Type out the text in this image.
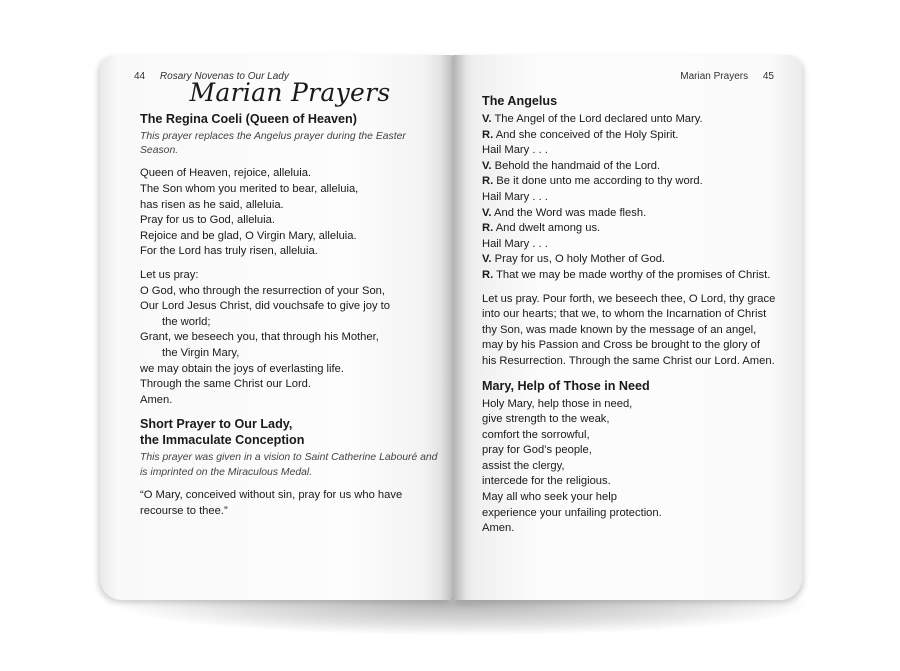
44 Rosary Novenas to Our Lady
Marian Prayers
The Regina Coeli (Queen of Heaven)
This prayer replaces the Angelus prayer during the Easter Season.
Queen of Heaven, rejoice, alleluia.
The Son whom you merited to bear, alleluia,
has risen as he said, alleluia.
Pray for us to God, alleluia.
Rejoice and be glad, O Virgin Mary, alleluia.
For the Lord has truly risen, alleluia.
Let us pray:
O God, who through the resurrection of your Son,
Our Lord Jesus Christ, did vouchsafe to give joy to
the world;
Grant, we beseech you, that through his Mother,
the Virgin Mary,
we may obtain the joys of everlasting life.
Through the same Christ our Lord.
Amen.
Short Prayer to Our Lady,
the Immaculate Conception
This prayer was given in a vision to Saint Catherine Labouré and is imprinted on the Miraculous Medal.

“O Mary, conceived without sin, pray for us who have recourse to thee.”

Marian Prayers 45
The Angelus
V. The Angel of the Lord declared unto Mary.
R. And she conceived of the Holy Spirit.
Hail Mary . . .
V. Behold the handmaid of the Lord.
R. Be it done unto me according to thy word.
Hail Mary . . .
V. And the Word was made flesh.
R. And dwelt among us.
Hail Mary . . .
V. Pray for us, O holy Mother of God.
R. That we may be made worthy of the promises of Christ.
Let us pray. Pour forth, we beseech thee, O Lord, thy grace
into our hearts; that we, to whom the Incarnation of Christ
thy Son, was made known by the message of an angel,
may by his Passion and Cross be brought to the glory of
his Resurrection. Through the same Christ our Lord. Amen.
Mary, Help of Those in Need
Holy Mary, help those in need,
give strength to the weak,
comfort the sorrowful,
pray for God’s people,
assist the clergy,
intercede for the religious.
May all who seek your help
experience your unfailing protection.
Amen.
